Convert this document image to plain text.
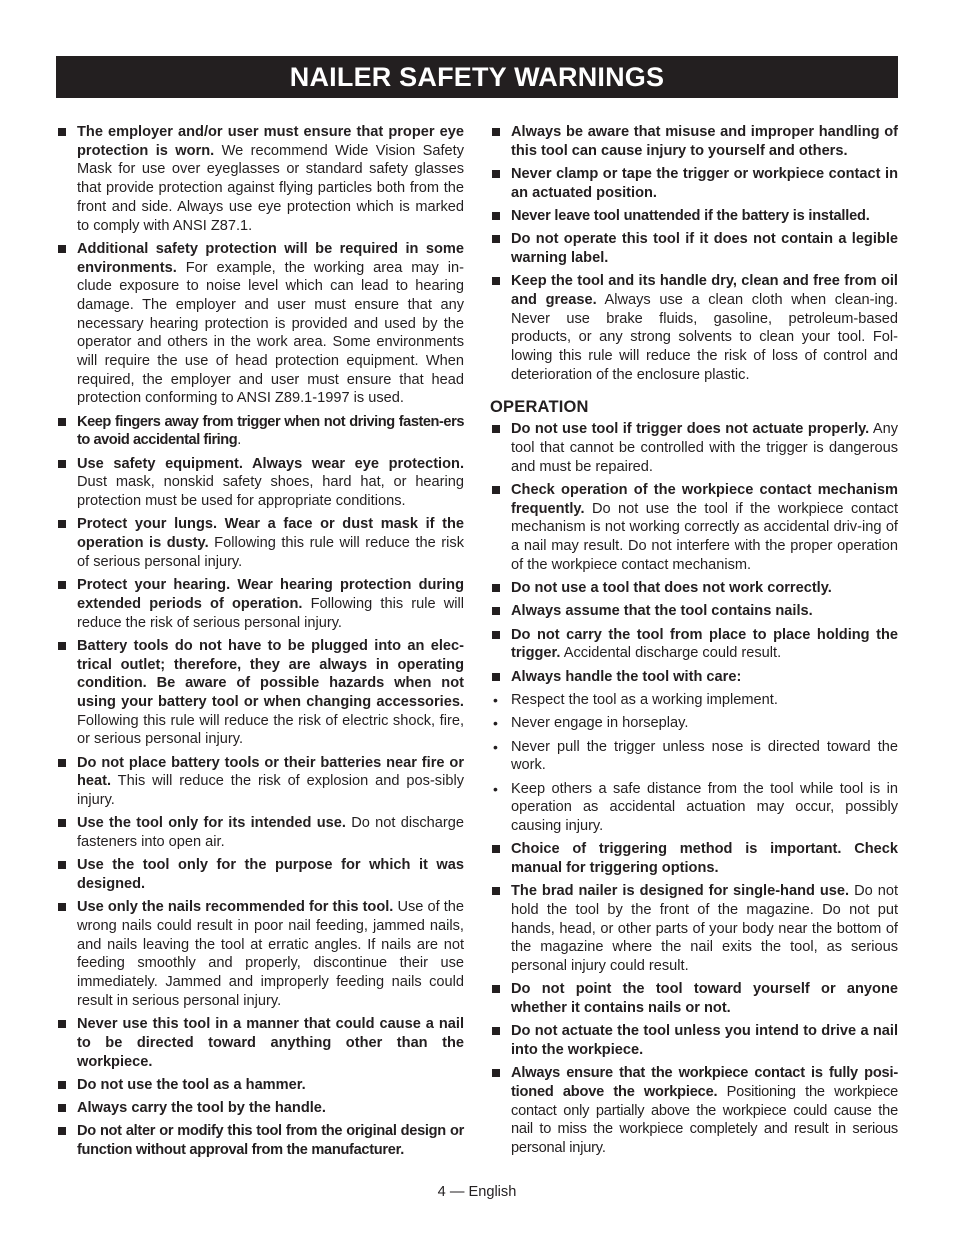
NAILER SAFETY WARNINGS
The employer and/or user must ensure that proper eye protection is worn. We recommend Wide Vision Safety Mask for use over eyeglasses or standard safety glasses that provide protection against flying particles both from the front and side. Always use eye protection which is marked to comply with ANSI Z87.1.
Additional safety protection will be required in some environments. For example, the working area may in-clude exposure to noise level which can lead to hearing damage. The employer and user must ensure that any necessary hearing protection is provided and used by the operator and others in the work area. Some environments will require the use of head protection equipment. When required, the employer and user must ensure that head protection conforming to ANSI Z89.1-1997 is used.
Keep fingers away from trigger when not driving fasten-ers to avoid accidental firing.
Use safety equipment. Always wear eye protection. Dust mask, nonskid safety shoes, hard hat, or hearing protection must be used for appropriate conditions.
Protect your lungs. Wear a face or dust mask if the operation is dusty. Following this rule will reduce the risk of serious personal injury.
Protect your hearing. Wear hearing protection during extended periods of operation. Following this rule will reduce the risk of serious personal injury.
Battery tools do not have to be plugged into an elec-trical outlet; therefore, they are always in operating condition. Be aware of possible hazards when not using your battery tool or when changing accessories. Following this rule will reduce the risk of electric shock, fire, or serious personal injury.
Do not place battery tools or their batteries near fire or heat. This will reduce the risk of explosion and pos-sibly injury.
Use the tool only for its intended use. Do not discharge fasteners into open air.
Use the tool only for the purpose for which it was designed.
Use only the nails recommended for this tool. Use of the wrong nails could result in poor nail feeding, jammed nails, and nails leaving the tool at erratic angles. If nails are not feeding smoothly and properly, discontinue their use immediately. Jammed and improperly feeding nails could result in serious personal injury.
Never use this tool in a manner that could cause a nail to be directed toward anything other than the workpiece.
Do not use the tool as a hammer.
Always carry the tool by the handle.
Do not alter or modify this tool from the original design or function without approval from the manufacturer.
Always be aware that misuse and improper handling of this tool can cause injury to yourself and others.
Never clamp or tape the trigger or workpiece contact in an actuated position.
Never leave tool unattended if the battery is installed.
Do not operate this tool if it does not contain a legible warning label.
Keep the tool and its handle dry, clean and free from oil and grease. Always use a clean cloth when clean-ing. Never use brake fluids, gasoline, petroleum-based products, or any strong solvents to clean your tool. Fol-lowing this rule will reduce the risk of loss of control and deterioration of the enclosure plastic.
OPERATION
Do not use tool if trigger does not actuate properly. Any tool that cannot be controlled with the trigger is dangerous and must be repaired.
Check operation of the workpiece contact mechanism frequently. Do not use the tool if the workpiece contact mechanism is not working correctly as accidental driv-ing of a nail may result. Do not interfere with the proper operation of the workpiece contact mechanism.
Do not use a tool that does not work correctly.
Always assume that the tool contains nails.
Do not carry the tool from place to place holding the trigger. Accidental discharge could result.
Always handle the tool with care:
• Respect the tool as a working implement.
• Never engage in horseplay.
• Never pull the trigger unless nose is directed toward the work.
• Keep others a safe distance from the tool while tool is in operation as accidental actuation may occur, possibly causing injury.
Choice of triggering method is important. Check manual for triggering options.
The brad nailer is designed for single-hand use. Do not hold the tool by the front of the magazine. Do not put hands, head, or other parts of your body near the bottom of the magazine where the nail exits the tool, as serious personal injury could result.
Do not point the tool toward yourself or anyone whether it contains nails or not.
Do not actuate the tool unless you intend to drive a nail into the workpiece.
Always ensure that the workpiece contact is fully posi-tioned above the workpiece. Positioning the workpiece contact only partially above the workpiece could cause the nail to miss the workpiece completely and result in serious personal injury.
4 — English
